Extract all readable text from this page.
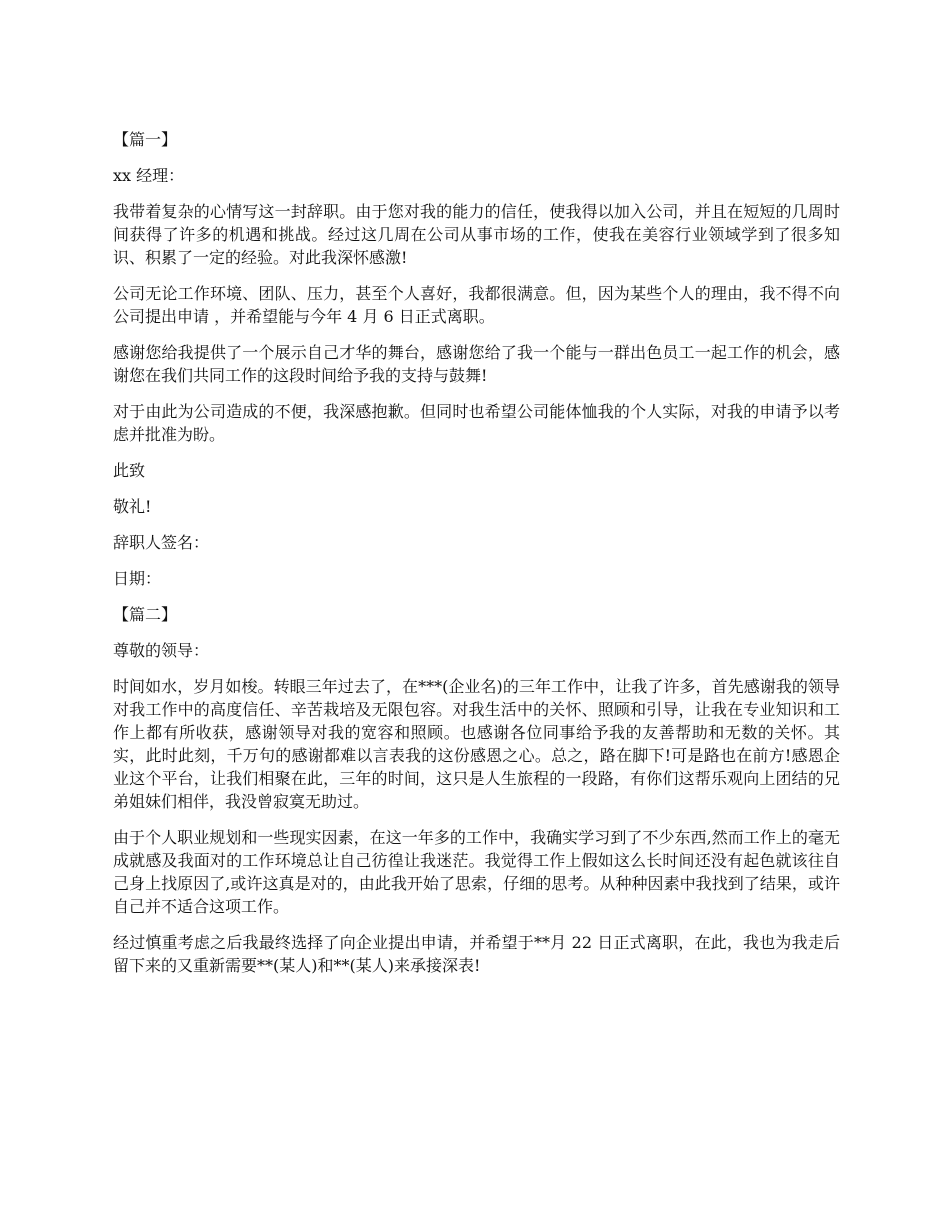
【篇一】

xx 经理：

我带着复杂的心情写这一封辞职。由于您对我的能力的信任，使我得以加入公司，并且在短短的几周时间获得了许多的机遇和挑战。经过这几周在公司从事市场的工作，使我在美容行业领域学到了很多知识、积累了一定的经验。对此我深怀感激!

公司无论工作环境、团队、压力，甚至个人喜好，我都很满意。但，因为某些个人的理由，我不得不向公司提出申请 ，并希望能与今年 4 月 6 日正式离职。

感谢您给我提供了一个展示自己才华的舞台，感谢您给了我一个能与一群出色员工一起工作的机会，感谢您在我们共同工作的这段时间给予我的支持与鼓舞!

对于由此为公司造成的不便，我深感抱歉。但同时也希望公司能体恤我的个人实际，对我的申请予以考虑并批准为盼。

此致

敬礼!

辞职人签名：

日期：

【篇二】

尊敬的领导：

时间如水，岁月如梭。转眼三年过去了，在***(企业名)的三年工作中，让我了许多，首先感谢我的领导对我工作中的高度信任、辛苦栽培及无限包容。对我生活中的关怀、照顾和引导，让我在专业知识和工作上都有所收获，感谢领导对我的宽容和照顾。也感谢各位同事给予我的友善帮助和无数的关怀。其实，此时此刻，千万句的感谢都难以言表我的这份感恩之心。总之，路在脚下!可是路也在前方!感恩企业这个平台，让我们相聚在此，三年的时间，这只是人生旅程的一段路，有你们这帮乐观向上团结的兄弟姐妹们相伴，我没曾寂寞无助过。

由于个人职业规划和一些现实因素，在这一年多的工作中，我确实学习到了不少东西,然而工作上的毫无成就感及我面对的工作环境总让自己彷徨让我迷茫。我觉得工作上假如这么长时间还没有起色就该往自己身上找原因了,或许这真是对的，由此我开始了思索，仔细的思考。从种种因素中我找到了结果，或许自己并不适合这项工作。

经过慎重考虑之后我最终选择了向企业提出申请，并希望于**月 22 日正式离职，在此，我也为我走后留下来的又重新需要**(某人)和**(某人)来承接深表!
